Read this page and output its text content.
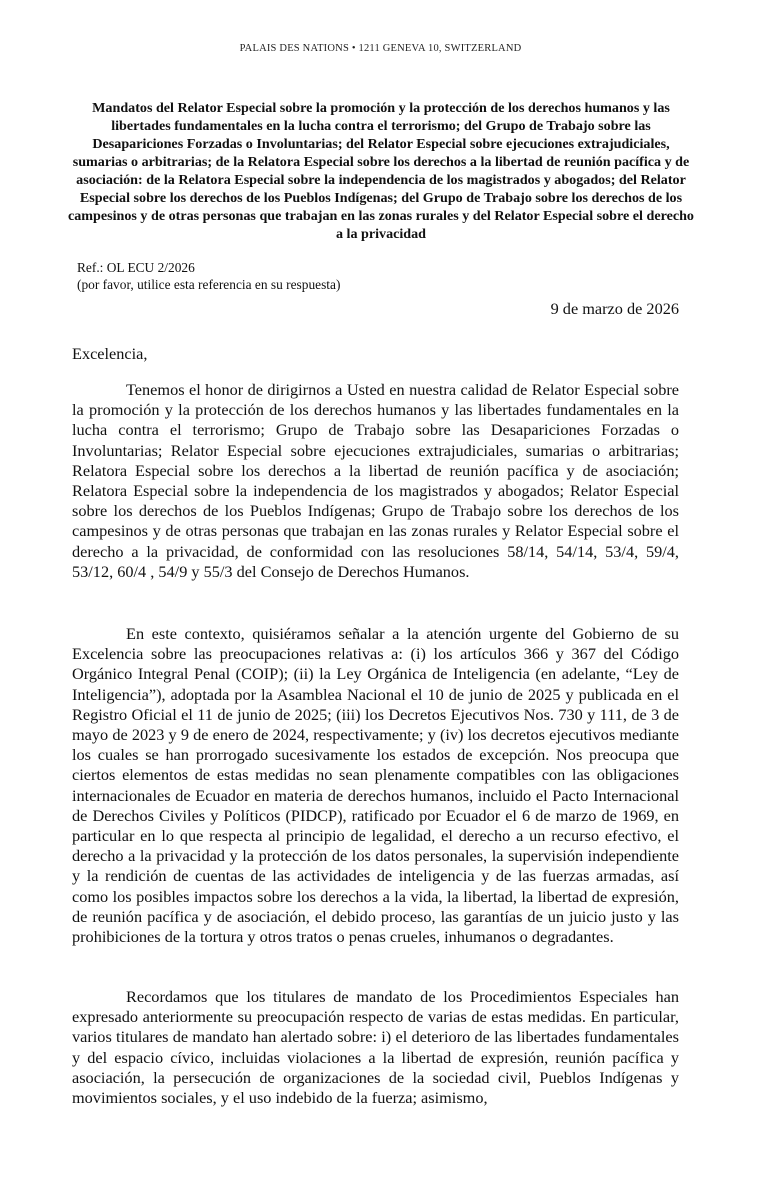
PALAIS DES NATIONS • 1211 GENEVA 10, SWITZERLAND
Mandatos del Relator Especial sobre la promoción y la protección de los derechos humanos y las libertades fundamentales en la lucha contra el terrorismo; del Grupo de Trabajo sobre las Desapariciones Forzadas o Involuntarias; del Relator Especial sobre ejecuciones extrajudiciales, sumarias o arbitrarias; de la Relatora Especial sobre los derechos a la libertad de reunión pacífica y de asociación: de la Relatora Especial sobre la independencia de los magistrados y abogados; del Relator Especial sobre los derechos de los Pueblos Indígenas; del Grupo de Trabajo sobre los derechos de los campesinos y de otras personas que trabajan en las zonas rurales y del Relator Especial sobre el derecho a la privacidad
Ref.: OL ECU 2/2026
(por favor, utilice esta referencia en su respuesta)
9 de marzo de 2026
Excelencia,

Tenemos el honor de dirigirnos a Usted en nuestra calidad de Relator Especial sobre la promoción y la protección de los derechos humanos y las libertades fundamentales en la lucha contra el terrorismo; Grupo de Trabajo sobre las Desapariciones Forzadas o Involuntarias; Relator Especial sobre ejecuciones extrajudiciales, sumarias o arbitrarias; Relatora Especial sobre los derechos a la libertad de reunión pacífica y de asociación; Relatora Especial sobre la independencia de los magistrados y abogados; Relator Especial sobre los derechos de los Pueblos Indígenas; Grupo de Trabajo sobre los derechos de los campesinos y de otras personas que trabajan en las zonas rurales y Relator Especial sobre el derecho a la privacidad, de conformidad con las resoluciones 58/14, 54/14, 53/4, 59/4, 53/12, 60/4 , 54/9 y 55/3 del Consejo de Derechos Humanos.

En este contexto, quisiéramos señalar a la atención urgente del Gobierno de su Excelencia sobre las preocupaciones relativas a: (i) los artículos 366 y 367 del Código Orgánico Integral Penal (COIP); (ii) la Ley Orgánica de Inteligencia (en adelante, “Ley de Inteligencia”), adoptada por la Asamblea Nacional el 10 de junio de 2025 y publicada en el Registro Oficial el 11 de junio de 2025; (iii) los Decretos Ejecutivos Nos. 730 y 111, de 3 de mayo de 2023 y 9 de enero de 2024, respectivamente; y (iv) los decretos ejecutivos mediante los cuales se han prorrogado sucesivamente los estados de excepción. Nos preocupa que ciertos elementos de estas medidas no sean plenamente compatibles con las obligaciones internacionales de Ecuador en materia de derechos humanos, incluido el Pacto Internacional de Derechos Civiles y Políticos (PIDCP), ratificado por Ecuador el 6 de marzo de 1969, en particular en lo que respecta al principio de legalidad, el derecho a un recurso efectivo, el derecho a la privacidad y la protección de los datos personales, la supervisión independiente y la rendición de cuentas de las actividades de inteligencia y de las fuerzas armadas, así como los posibles impactos sobre los derechos a la vida, la libertad, la libertad de expresión, de reunión pacífica y de asociación, el debido proceso, las garantías de un juicio justo y las prohibiciones de la tortura y otros tratos o penas crueles, inhumanos o degradantes.

Recordamos que los titulares de mandato de los Procedimientos Especiales han expresado anteriormente su preocupación respecto de varias de estas medidas. En particular, varios titulares de mandato han alertado sobre: i) el deterioro de las libertades fundamentales y del espacio cívico, incluidas violaciones a la libertad de expresión, reunión pacífica y asociación, la persecución de organizaciones de la sociedad civil, Pueblos Indígenas y movimientos sociales, y el uso indebido de la fuerza; asimismo,
